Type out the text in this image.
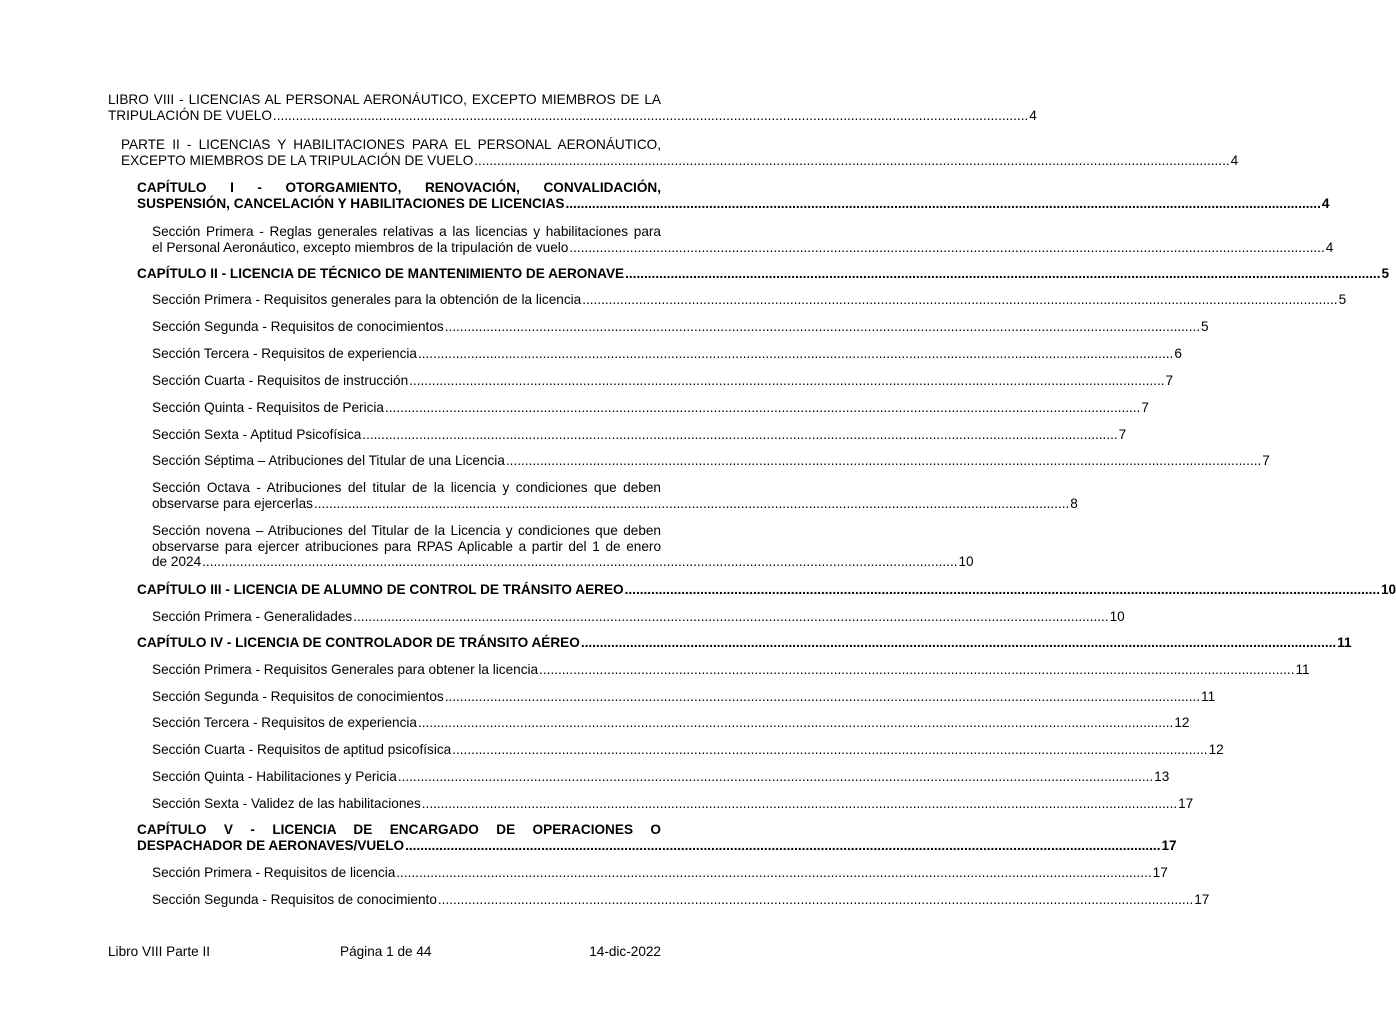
LIBRO VIII - LICENCIAS AL PERSONAL AERONÁUTICO, EXCEPTO MIEMBROS DE LA
TRIPULACIÓN DE VUELO ........................................................................................................................................................................................................ 4
PARTE II - LICENCIAS Y HABILITACIONES PARA EL PERSONAL AERONÁUTICO,
EXCEPTO MIEMBROS DE LA TRIPULACIÓN DE VUELO ........................................................................................................................................................................................................ 4
CAPÍTULO I - OTORGAMIENTO, RENOVACIÓN, CONVALIDACIÓN,
SUSPENSIÓN, CANCELACIÓN Y HABILITACIONES DE LICENCIAS ........................................................................................................................................................................................................ 4
Sección Primera - Reglas generales relativas a las licencias y habilitaciones para
el Personal Aeronáutico, excepto miembros de la tripulación de vuelo ........................................................................................................................................................................................................ 4
CAPÍTULO II - LICENCIA DE TÉCNICO DE MANTENIMIENTO DE AERONAVE ........................................................................................................................................................................................................ 5
Sección Primera - Requisitos generales para la obtención de la licencia ........................................................................................................................................................................................................ 5
Sección Segunda - Requisitos de conocimientos ........................................................................................................................................................................................................ 5
Sección Tercera - Requisitos de experiencia ........................................................................................................................................................................................................ 6
Sección Cuarta - Requisitos de instrucción ........................................................................................................................................................................................................ 7
Sección Quinta - Requisitos de Pericia ........................................................................................................................................................................................................ 7
Sección Sexta - Aptitud Psicofísica ........................................................................................................................................................................................................ 7
Sección Séptima – Atribuciones del Titular de una Licencia ........................................................................................................................................................................................................ 7
Sección Octava - Atribuciones del titular de la licencia y condiciones que deben
observarse para ejercerlas ........................................................................................................................................................................................................ 8
Sección novena – Atribuciones del Titular de la Licencia y condiciones que deben
observarse para ejercer atribuciones para RPAS Aplicable a partir del 1 de enero
de 2024 ........................................................................................................................................................................................................ 10
CAPÍTULO III - LICENCIA DE ALUMNO DE CONTROL DE TRÁNSITO AEREO ........................................................................................................................................................................................................ 10
Sección Primera - Generalidades ........................................................................................................................................................................................................ 10
CAPÍTULO IV - LICENCIA DE CONTROLADOR DE TRÁNSITO AÉREO ........................................................................................................................................................................................................ 11
Sección Primera - Requisitos Generales para obtener la licencia ........................................................................................................................................................................................................ 11
Sección Segunda - Requisitos de conocimientos ........................................................................................................................................................................................................ 11
Sección Tercera - Requisitos de experiencia ........................................................................................................................................................................................................ 12
Sección Cuarta - Requisitos de aptitud psicofísica ........................................................................................................................................................................................................ 12
Sección Quinta - Habilitaciones y Pericia ........................................................................................................................................................................................................ 13
Sección Sexta - Validez de las habilitaciones ........................................................................................................................................................................................................ 17
CAPÍTULO V - LICENCIA DE ENCARGADO DE OPERACIONES O
DESPACHADOR DE AERONAVES/VUELO ........................................................................................................................................................................................................ 17
Sección Primera - Requisitos de licencia ........................................................................................................................................................................................................ 17
Sección Segunda - Requisitos de conocimiento ........................................................................................................................................................................................................ 17
Libro VIII Parte II	Página 1 de 44	14-dic-2022
